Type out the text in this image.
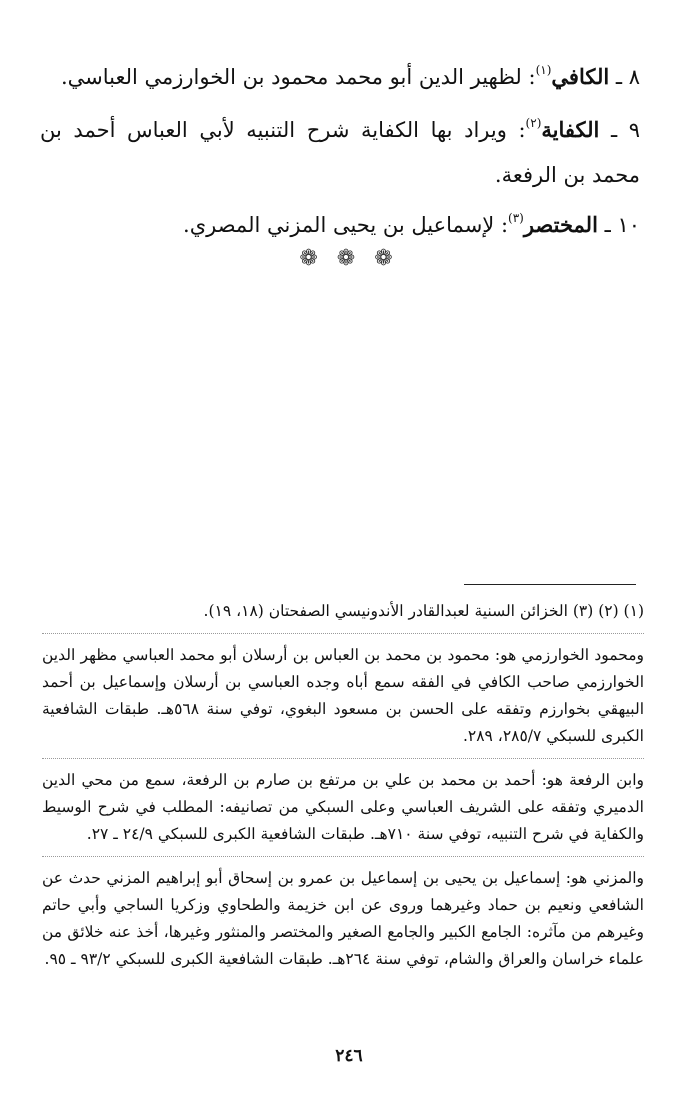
٨ ـ الكافي$^{(١)}$: لظهير الدين أبو محمد محمود بن الخوارزمي العباسي.

٩ ـ الكفاية$^{(٢)}$: ويراد بها الكفاية شرح التنبيه لأبي العباس أحمد بن محمد بن الرفعة.

١٠ ـ المختصر$^{(٣)}$: لإسماعيل بن يحيى المزني المصري.

❁ ❁ ❁

(١) (٢) (٣) الخزائن السنية لعبدالقادر الأندونيسي الصفحتان (١٨، ١٩).

ومحمود الخوارزمي هو: محمود بن محمد بن العباس بن أرسلان أبو محمد العباسي مظهر الدين الخوارزمي صاحب الكافي في الفقه سمع أباه وجده العباسي بن أرسلان وإسماعيل بن أحمد البيهقي بخوارزم وتفقه على الحسن بن مسعود البغوي، توفي سنة ٥٦٨هـ. طبقات الشافعية الكبرى للسبكي ٢٨٥/٧، ٢٨٩.

وابن الرفعة هو: أحمد بن محمد بن علي بن مرتفع بن صارم بن الرفعة، سمع من محي الدين الدميري وتفقه على الشريف العباسي وعلى السبكي من تصانيفه: المطلب في شرح الوسيط والكفاية في شرح التنبيه، توفي سنة ٧١٠هـ. طبقات الشافعية الكبرى للسبكي ٢٤/٩ ـ ٢٧.

والمزني هو: إسماعيل بن يحيى بن إسماعيل بن عمرو بن إسحاق أبو إبراهيم المزني حدث عن الشافعي ونعيم بن حماد وغيرهما وروى عن ابن خزيمة والطحاوي وزكريا الساجي وأبي حاتم وغيرهم من مآثره: الجامع الكبير والجامع الصغير والمختصر والمنثور وغيرها، أخذ عنه خلائق من علماء خراسان والعراق والشام، توفي سنة ٢٦٤هـ. طبقات الشافعية الكبرى للسبكي ٩٣/٢ ـ ٩٥.

٢٤٦
